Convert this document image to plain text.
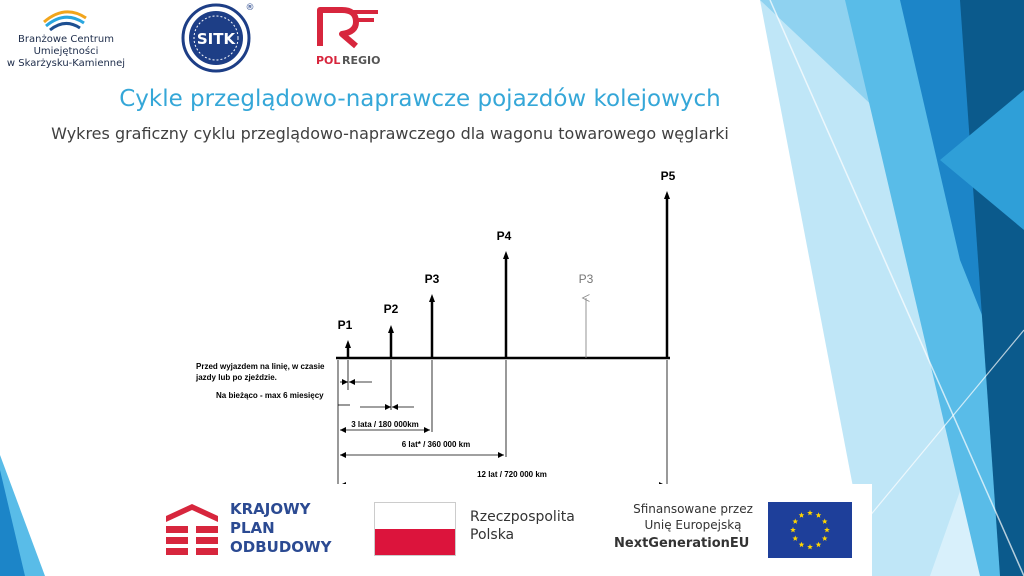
Branżowe Centrum
Umiejętności
w Skarżysku-Kamiennej
SITK
®
POL REGIO
Cykle przeglądowo-naprawcze pojazdów kolejowych
Wykres graficzny cyklu przeglądowo-naprawczego dla wagonu towarowego węglarki
P1
P2
P3
P4
P3
P5
Przed wyjazdem na linię, w czasie
jazdy lub po zjeździe.
Na bieżąco - max 6 miesięcy
3 lata / 180 000km
6 lat* / 360 000 km
12 lat / 720 000 km
KRAJOWY
PLAN
ODBUDOWY
Rzeczpospolita
Polska
Sfinansowane przez
Unię Europejską
NextGenerationEU
